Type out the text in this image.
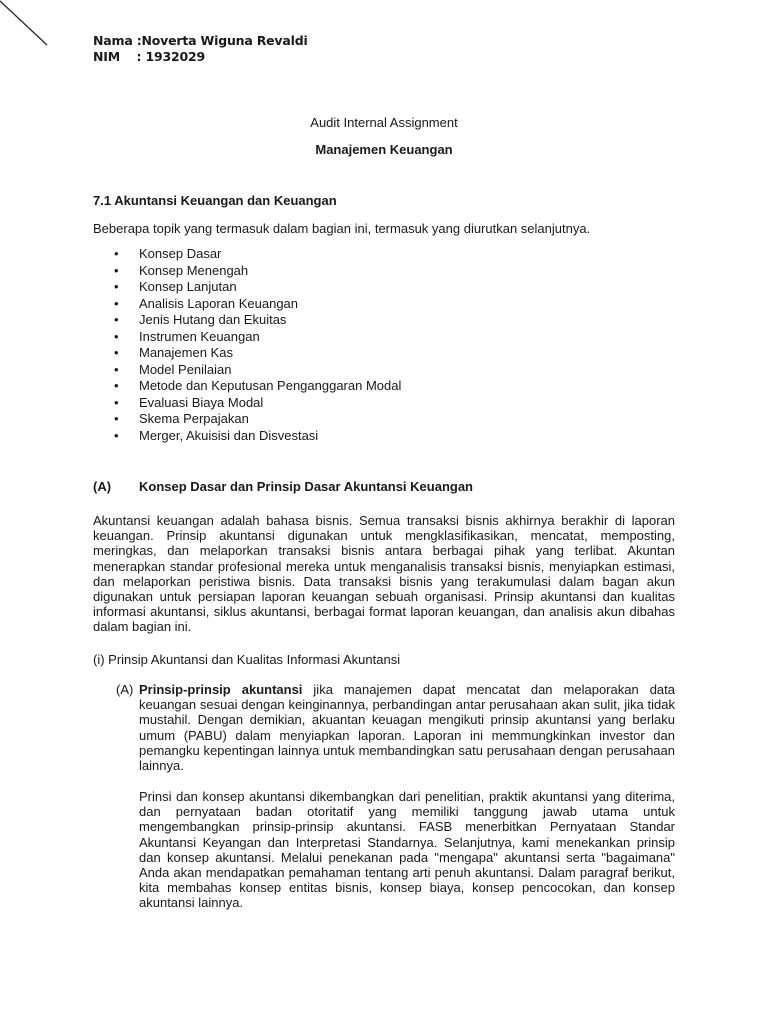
Nama : Noverta Wiguna Revaldi
NIM    : 1932029
Audit Internal Assignment
Manajemen Keuangan
7.1 Akuntansi Keuangan dan Keuangan
Beberapa topik yang termasuk dalam bagian ini, termasuk yang diurutkan selanjutnya.
• Konsep Dasar
• Konsep Menengah
• Konsep Lanjutan
• Analisis Laporan Keuangan
• Jenis Hutang dan Ekuitas
• Instrumen Keuangan
• Manajemen Kas
• Model Penilaian
• Metode dan Keputusan Penganggaran Modal
• Evaluasi Biaya Modal
• Skema Perpajakan
• Merger, Akuisisi dan Disvestasi
(A) Konsep Dasar dan Prinsip Dasar Akuntansi Keuangan

Akuntansi keuangan adalah bahasa bisnis. Semua transaksi bisnis akhirnya berakhir di laporan keuangan. Prinsip akuntansi digunakan untuk mengklasifikasikan, mencatat, memposting, meringkas, dan melaporkan transaksi bisnis antara berbagai pihak yang terlibat. Akuntan menerapkan standar profesional mereka untuk menganalisis transaksi bisnis, menyiapkan estimasi, dan melaporkan peristiwa bisnis. Data transaksi bisnis yang terakumulasi dalam bagan akun digunakan untuk persiapan laporan keuangan sebuah organisasi. Prinsip akuntansi dan kualitas informasi akuntansi, siklus akuntansi, berbagai format laporan keuangan, dan analisis akun dibahas dalam bagian ini.

(i) Prinsip Akuntansi dan Kualitas Informasi Akuntansi
(A) Prinsip-prinsip akuntansi jika manajemen dapat mencatat dan melaporakan data keuangan sesuai dengan keinginannya, perbandingan antar perusahaan akan sulit, jika tidak mustahil. Dengan demikian, akuantan keuagan mengikuti prinsip akuntansi yang berlaku umum (PABU) dalam menyiapkan laporan. Laporan ini memmungkinkan investor dan pemangku kepentingan lainnya untuk membandingkan satu perusahaan dengan perusahaan lainnya.

Prinsi dan konsep akuntansi dikembangkan dari penelitian, praktik akuntansi yang diterima, dan pernyataan badan otoritatif yang memiliki tanggung jawab utama untuk mengembangkan prinsip-prinsip akuntansi. FASB menerbitkan Pernyataan Standar Akuntansi Keyangan dan Interpretasi Standarnya. Selanjutnya, kami menekankan prinsip dan konsep akuntansi. Melalui penekanan pada "mengapa" akuntansi serta "bagaimana" Anda akan mendapatkan pemahaman tentang arti penuh akuntansi. Dalam paragraf berikut, kita membahas konsep entitas bisnis, konsep biaya, konsep pencocokan, dan konsep akuntansi lainnya.
